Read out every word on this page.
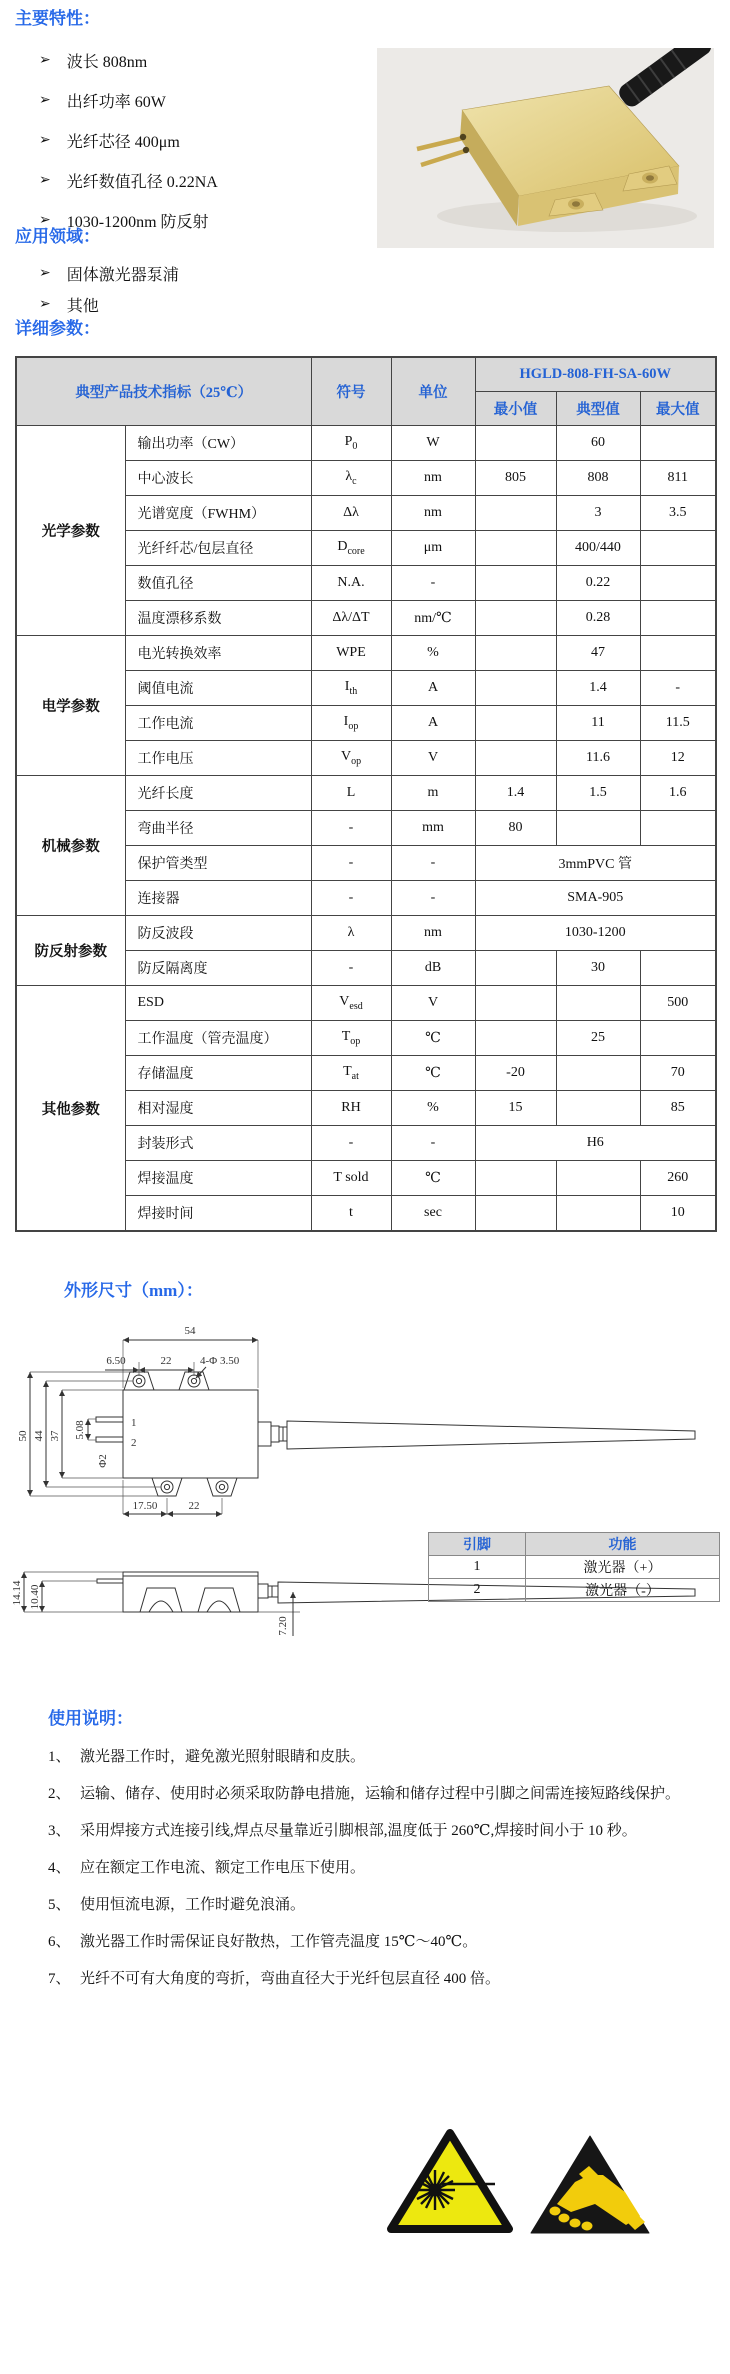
主要特性：
➢ 波长 808nm
➢ 出纤功率 60W
➢ 光纤芯径 400μm
➢ 光纤数值孔径 0.22NA
➢ 1030-1200nm 防反射
应用领域：
➢ 固体激光器泵浦
➢ 其他
详细参数：
典型产品技术指标（25℃）		符号	单位	HGLD-808-FH-SA-60W		
				最小值	典型值	最大值
光学参数	输出功率（CW）	$P_0$	W		60	
	中心波长	$\lambda_c$	nm	805	808	811
	光谱宽度（FWHM）	Δλ	nm		3	3.5
	光纤纤芯/包层直径	$D_{core}$	μm		400/440	
	数值孔径	N.A.	-		0.22	
	温度漂移系数	Δλ/ΔT	nm/℃		0.28	
电学参数	电光转换效率	WPE	%		47	
	阈值电流	$I_{th}$	A		1.4	-
	工作电流	$I_{op}$	A		11	11.5
	工作电压	$V_{op}$	V		11.6	12
机械参数	光纤长度	L	m	1.4	1.5	1.6
	弯曲半径	-	mm	80		
	保护管类型	-	-	3mmPVC 管		
	连接器	-	-	SMA-905		
防反射参数	防反波段	λ	nm	1030-1200		
	防反隔离度	-	dB		30	
其他参数	ESD	$V_{esd}$	V			500
	工作温度（管壳温度）	$T_{op}$	℃		25	
	存储温度	$T_{at}$	℃	-20		70
	相对湿度	RH	%	15		85
	封装形式	-	-	H6		
	焊接温度	T sold	℃			260
	焊接时间	t	sec			10
外形尺寸（mm）：
1
2
54
6.50	22	4-Φ 3.50
50 44 37 5.08
Φ2
17.50	22
14.14 10.40
7.20
引脚	功能
1	激光器（+）
2	激光器（-）
使用说明：
1、 激光器工作时，避免激光照射眼睛和皮肤。
2、 运输、储存、使用时必须采取防静电措施，运输和储存过程中引脚之间需连接短路线保护。
3、 采用焊接方式连接引线,焊点尽量靠近引脚根部,温度低于 260℃,焊接时间小于 10 秒。
4、 应在额定工作电流、额定工作电压下使用。
5、 使用恒流电源，工作时避免浪涌。
6、 激光器工作时需保证良好散热，工作管壳温度 15℃～40℃。
7、 光纤不可有大角度的弯折，弯曲直径大于光纤包层直径 400 倍。
